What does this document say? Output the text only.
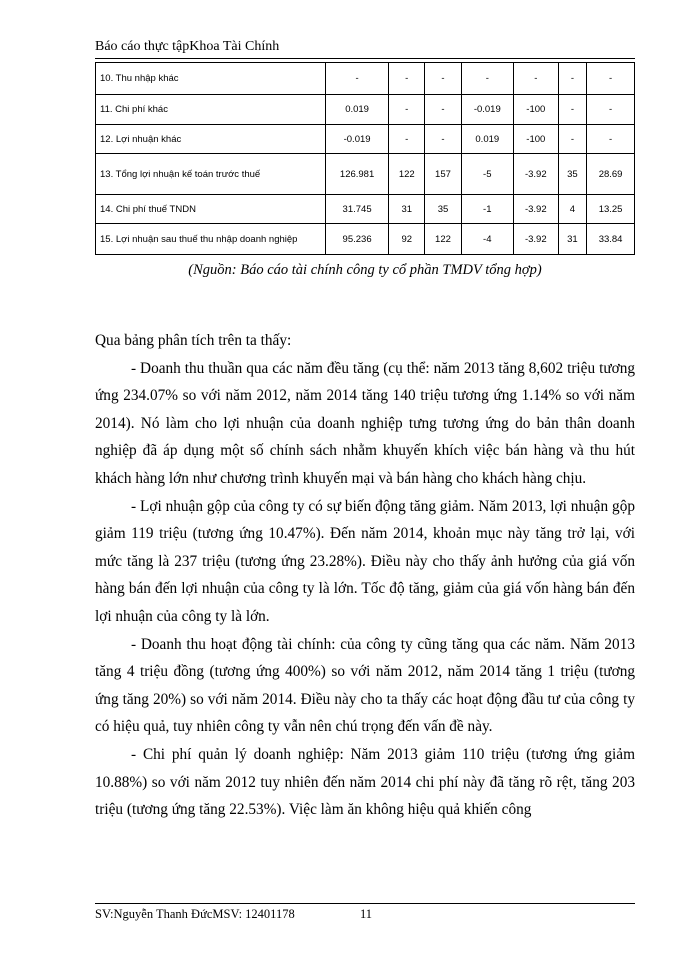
Báo cáo thực tậpKhoa Tài Chính
10. Thu nhập khác	-	-	-	-	-	-	-
11. Chi phí khác	0.019	-	-	-0.019	-100	-	-
12. Lợi nhuận khác	-0.019	-	-	0.019	-100	-	-
13. Tổng lợi nhuận kế toán trước thuế	126.981	122	157	-5	-3.92	35	28.69
14. Chi phí thuế TNDN	31.745	31	35	-1	-3.92	4	13.25
15. Lợi nhuận sau thuế thu nhập doanh nghiệp	95.236	92	122	-4	-3.92	31	33.84
(Nguồn: Báo cáo tài chính công ty cổ phần TMDV tổng hợp)

Qua bảng phân tích trên ta thấy:

- Doanh thu thuần qua các năm đều tăng (cụ thể: năm 2013 tăng 8,602 triệu tương ứng 234.07% so với năm 2012, năm 2014 tăng 140 triệu tương ứng 1.14% so với năm 2014). Nó làm cho lợi nhuận của doanh nghiệp tưng tương ứng do bản thân doanh nghiệp đã áp dụng một số chính sách nhằm khuyến khích việc bán hàng và thu hút khách hàng lớn như chương trình khuyến mại và bán hàng cho khách hàng chịu.

- Lợi nhuận gộp của công ty có sự biến động tăng giảm. Năm 2013, lợi nhuận gộp giảm 119 triệu (tương ứng 10.47%). Đến năm 2014, khoản mục này tăng trở lại, với mức tăng là 237 triệu (tương ứng 23.28%). Điều này cho thấy ảnh hưởng của giá vốn hàng bán đến lợi nhuận của công ty là lớn. Tốc độ tăng, giảm của giá vốn hàng bán đến lợi nhuận của công ty là lớn.

- Doanh thu hoạt động tài chính: của công ty cũng tăng qua các năm. Năm 2013 tăng 4 triệu đồng (tương ứng 400%) so với năm 2012, năm 2014 tăng 1 triệu (tương ứng tăng 20%) so với năm 2014. Điều này cho ta thấy các hoạt động đầu tư của công ty có hiệu quả, tuy nhiên công ty vẫn nên chú trọng đến vấn đề này.

- Chi phí quản lý doanh nghiệp: Năm 2013 giảm 110 triệu (tương ứng giảm 10.88%) so với năm 2012 tuy nhiên đến năm 2014 chi phí này đã tăng rõ rệt, tăng 203 triệu (tương ứng tăng 22.53%). Việc làm ăn không hiệu quả khiến công

SV:Nguyễn Thanh ĐứcMSV: 12401178	11
